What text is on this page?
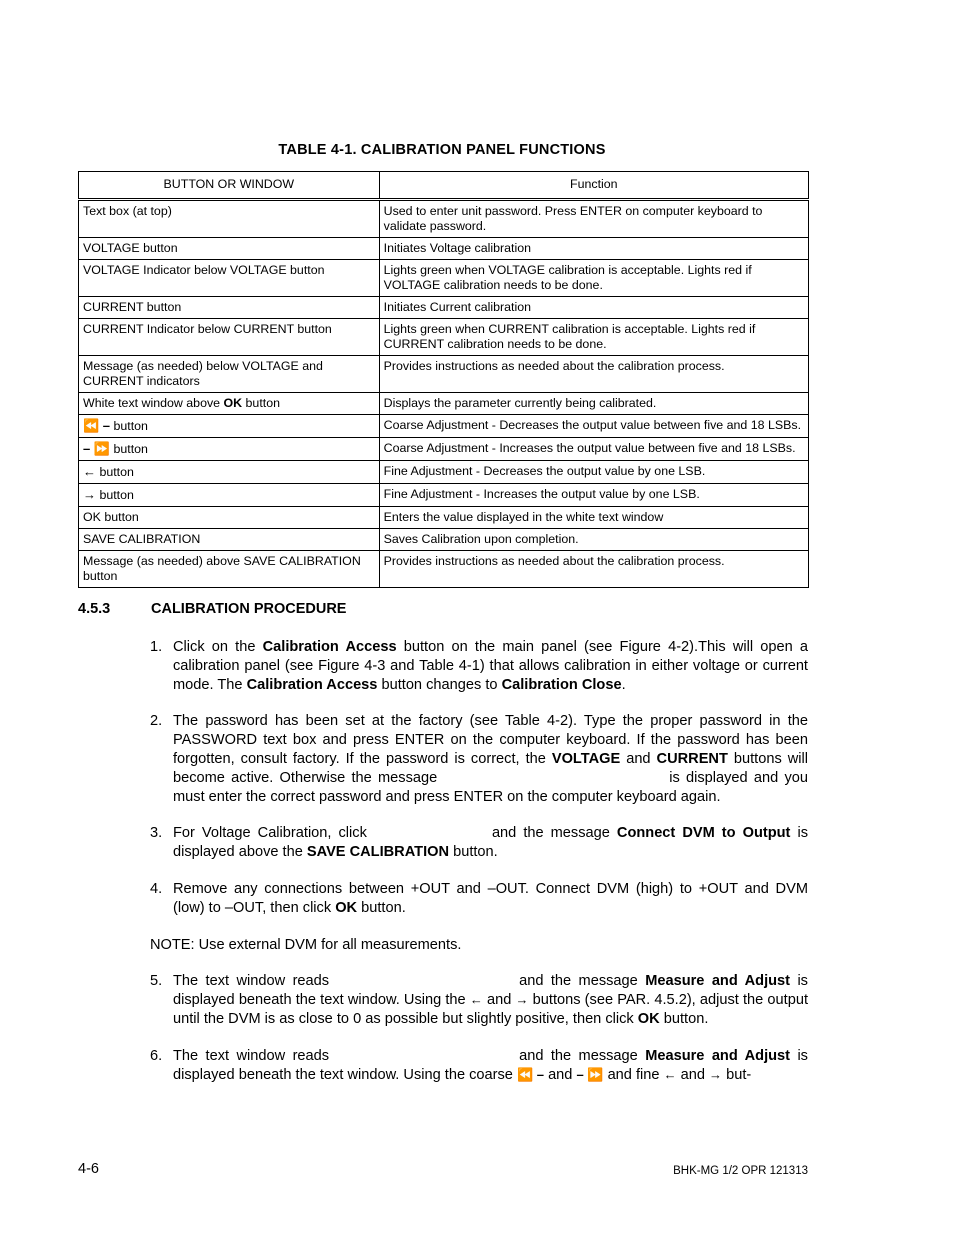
TABLE 4-1. CALIBRATION PANEL FUNCTIONS
BUTTON OR WINDOW	Function
Text box (at top)	Used to enter unit password. Press ENTER on computer keyboard to validate password.
VOLTAGE button	Initiates Voltage calibration
VOLTAGE Indicator below VOLTAGE button	Lights green when VOLTAGE calibration is acceptable. Lights red if VOLTAGE calibration needs to be done.
CURRENT button	Initiates Current calibration
CURRENT Indicator below CURRENT button	Lights green when CURRENT calibration is acceptable. Lights red if CURRENT calibration needs to be done.
Message (as needed) below VOLTAGE and CURRENT indicators	Provides instructions as needed about the calibration process.
White text window above OK button	Displays the parameter currently being calibrated.
⏪ – button	Coarse Adjustment - Decreases the output value between five and 18 LSBs.
– ⏩ button	Coarse Adjustment - Increases the output value between five and 18 LSBs.
← button	Fine Adjustment - Decreases the output value by one LSB.
→ button	Fine Adjustment - Increases the output value by one LSB.
OK button	Enters the value displayed in the white text window
SAVE CALIBRATION	Saves Calibration upon completion.
Message (as needed) above SAVE CALIBRATION button	Provides instructions as needed about the calibration process.
4.5.3	CALIBRATION PROCEDURE
1. Click on the Calibration Access button on the main panel (see Figure 4-2).This will open a calibration panel (see Figure 4-3 and Table 4-1) that allows calibration in either voltage or current mode. The Calibration Access button changes to Calibration Close.
2. The password has been set at the factory (see Table 4-2). Type the proper password in the PASSWORD text box and press ENTER on the computer keyboard. If the password has been forgotten, consult factory. If the password is correct, the VOLTAGE and CURRENT buttons will become active. Otherwise the message	is displayed and you must enter the correct password and press ENTER on the computer keyboard again.
3. For Voltage Calibration, click	and the message Connect DVM to Output is displayed above the SAVE CALIBRATION button.
4. Remove any connections between +OUT and –OUT. Connect DVM (high) to +OUT and DVM (low) to –OUT, then click OK button.
NOTE: Use external DVM for all measurements.
5. The text window reads	and the message Measure and Adjust is displayed beneath the text window. Using the ← and → buttons (see PAR. 4.5.2), adjust the output until the DVM is as close to 0 as possible but slightly positive, then click OK button.
6. The text window reads	and the message Measure and Adjust is displayed beneath the text window. Using the coarse ⏪ – and – ⏩ and fine ← and → but-
4-6	BHK-MG 1/2 OPR 121313
